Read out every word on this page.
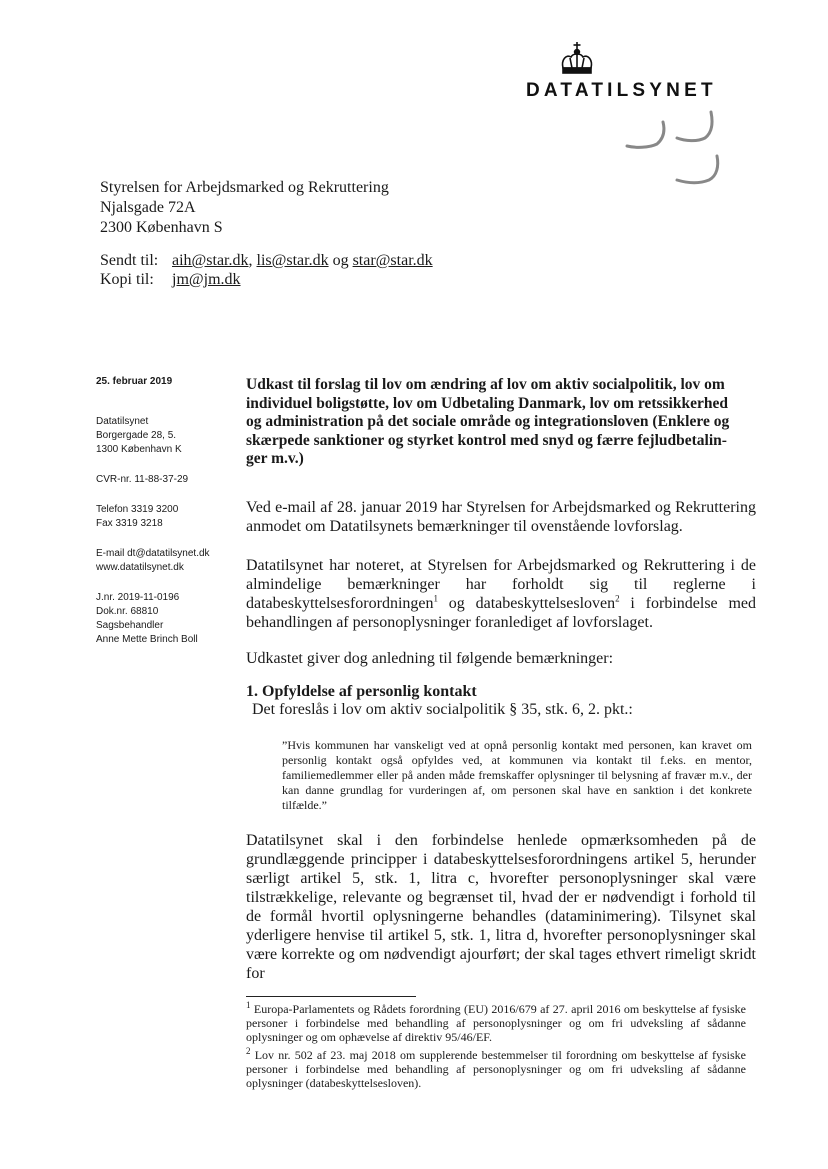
DATATILSYNET
Styrelsen for Arbejdsmarked og Rekruttering
Njalsgade 72A
2300 København S
Sendt til: aih@star.dk, lis@star.dk og star@star.dk
Kopi til: jm@jm.dk
25. februar 2019
Datatilsynet
Borgergade 28, 5.
1300 København K
CVR-nr. 11-88-37-29
Telefon 3319 3200
Fax 3319 3218
E-mail dt@datatilsynet.dk
www.datatilsynet.dk
J.nr. 2019-11-0196
Dok.nr. 68810
Sagsbehandler
Anne Mette Brinch Boll
Udkast til forslag til lov om ændring af lov om aktiv socialpolitik, lov om
individuel boligstøtte, lov om Udbetaling Danmark, lov om retssikkerhed
og administration på det sociale område og integrationsloven (Enklere og
skærpede sanktioner og styrket kontrol med snyd og færre fejludbetalin-
ger m.v.)
Ved e-mail af 28. januar 2019 har Styrelsen for Arbejdsmarked og Rekruttering anmodet om Datatilsynets bemærkninger til ovenstående lovforslag.
Datatilsynet har noteret, at Styrelsen for Arbejdsmarked og Rekruttering i de almindelige bemærkninger har forholdt sig til reglerne i databeskyttelsesforordningen$^1$ og databeskyttelsesloven$^2$ i forbindelse med behandlingen af personoplysninger foranlediget af lovforslaget.
Udkastet giver dog anledning til følgende bemærkninger:
1. Opfyldelse af personlig kontakt
Det foreslås i lov om aktiv socialpolitik § 35, stk. 6, 2. pkt.:
”Hvis kommunen har vanskeligt ved at opnå personlig kontakt med personen, kan kravet om personlig kontakt også opfyldes ved, at kommunen via kontakt til f.eks. en mentor, familiemedlemmer eller på anden måde fremskaffer oplysninger til belysning af fravær m.v., der kan danne grundlag for vurderingen af, om personen skal have en sanktion i det konkrete tilfælde.”
Datatilsynet skal i den forbindelse henlede opmærksomheden på de grundlæggende principper i databeskyttelsesforordningens artikel 5, herunder særligt artikel 5, stk. 1, litra c, hvorefter personoplysninger skal være tilstrækkelige, relevante og begrænset til, hvad der er nødvendigt i forhold til de formål hvortil oplysningerne behandles (dataminimering). Tilsynet skal yderligere henvise til artikel 5, stk. 1, litra d, hvorefter personoplysninger skal være korrekte og om nødvendigt ajourført; der skal tages ethvert rimeligt skridt for
$^1$ Europa-Parlamentets og Rådets forordning (EU) 2016/679 af 27. april 2016 om beskyttelse af fysiske personer i forbindelse med behandling af personoplysninger og om fri udveksling af sådanne oplysninger og om ophævelse af direktiv 95/46/EF.
$^2$ Lov nr. 502 af 23. maj 2018 om supplerende bestemmelser til forordning om beskyttelse af fysiske personer i forbindelse med behandling af personoplysninger og om fri udveksling af sådanne oplysninger (databeskyttelsesloven).
